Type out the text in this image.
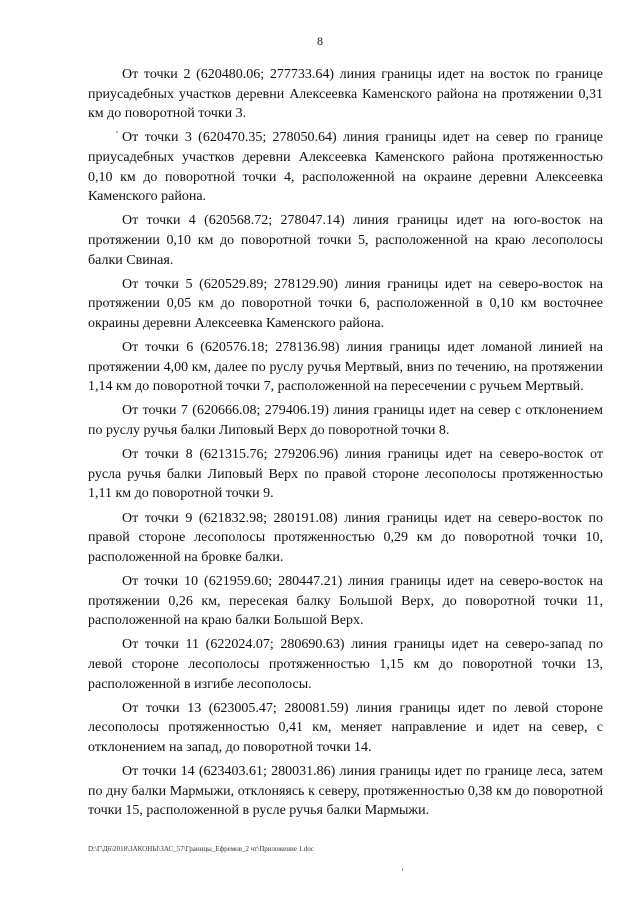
8

От точки 2 (620480.06; 277733.64) линия границы идет на восток по границе приусадебных участков деревни Алексеевка Каменского района на протяжении 0,31 км до поворотной точки 3.

От точки 3 (620470.35; 278050.64) линия границы идет на север по границе приусадебных участков деревни Алексеевка Каменского района протяженностью 0,10 км до поворотной точки 4, расположенной на окраине деревни Алексеевка Каменского района.

От точки 4 (620568.72; 278047.14) линия границы идет на юго-восток на протяжении 0,10 км до поворотной точки 5, расположенной на краю лесополосы балки Свиная.

От точки 5 (620529.89; 278129.90) линия границы идет на северо-восток на протяжении 0,05 км до поворотной точки 6, расположенной в 0,10 км восточнее окраины деревни Алексеевка Каменского района.

От точки 6 (620576.18; 278136.98) линия границы идет ломаной линией на протяжении 4,00 км, далее по руслу ручья Мертвый, вниз по течению, на протяжении 1,14 км до поворотной точки 7, расположенной на пересечении с ручьем Мертвый.

От точки 7 (620666.08; 279406.19) линия границы идет на север с отклонением по руслу ручья балки Липовый Верх до поворотной точки 8.

От точки 8 (621315.76; 279206.96) линия границы идет на северо-восток от русла ручья балки Липовый Верх по правой стороне лесополосы протяженностью 1,11 км до поворотной точки 9.

От точки 9 (621832.98; 280191.08) линия границы идет на северо-восток по правой стороне лесополосы протяженностью 0,29 км до поворотной точки 10, расположенной на бровке балки.

От точки 10 (621959.60; 280447.21) линия границы идет на северо-восток на протяжении 0,26 км, пересекая балку Большой Верх, до поворотной точки 11, расположенной на краю балки Большой Верх.

От точки 11 (622024.07; 280690.63) линия границы идет на северо-запад по левой стороне лесополосы протяженностью 1,15 км до поворотной точки 13, расположенной в изгибе лесополосы.

От точки 13 (623005.47; 280081.59) линия границы идет по левой стороне лесополосы протяженностью 0,41 км, меняет направление и идет на север, с отклонением на запад, до поворотной точки 14.

От точки 14 (623403.61; 280031.86) линия границы идет по границе леса, затем по дну балки Мармыжи, отклоняясь к северу, протяженностью 0,38 км до поворотной точки 15, расположенной в русле ручья балки Мармыжи.

D:\Г\Д6\2018\ЗАКОНЫ\ЗАС_57\Границы_Ефремов_2 чт\Приложение 1.doc
